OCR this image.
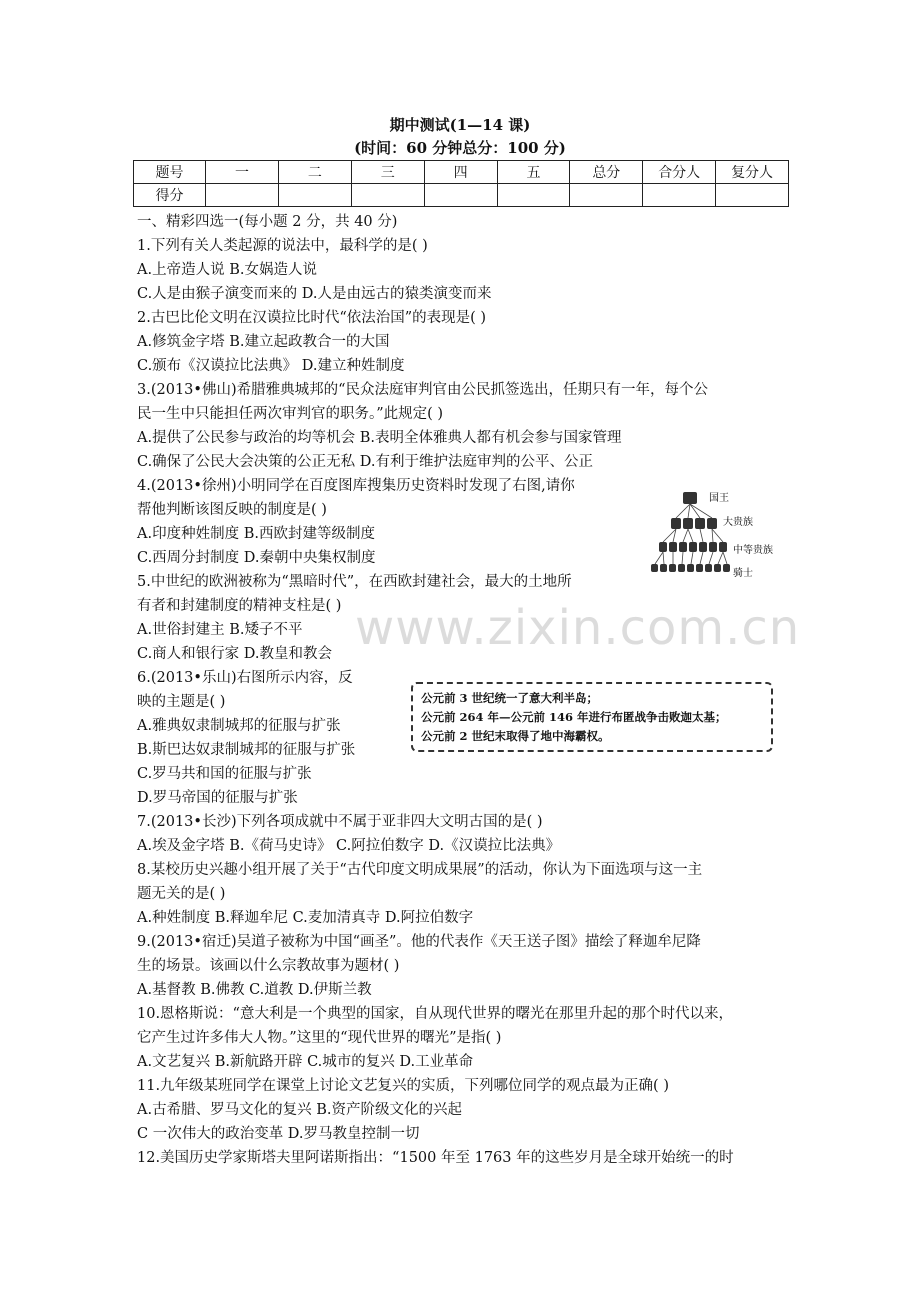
www.zixin.com.cn
期中测试(1—14 课)
(时间：60 分钟总分：100 分)
题号	一	二	三	四	五	总分	合分人	复分人
得分								
一、精彩四选一(每小题 2 分，共 40 分)
1.下列有关人类起源的说法中，最科学的是( )
A.上帝造人说 B.女娲造人说
C.人是由猴子演变而来的 D.人是由远古的猿类演变而来
2.古巴比伦文明在汉谟拉比时代“依法治国”的表现是( )
A.修筑金字塔 B.建立起政教合一的大国
C.颁布《汉谟拉比法典》 D.建立种姓制度
3.(2013•佛山)希腊雅典城邦的“民众法庭审判官由公民抓签选出，任期只有一年，每个公
民一生中只能担任两次审判官的职务。”此规定( )
A.提供了公民参与政治的均等机会 B.表明全体雅典人都有机会参与国家管理
C.确保了公民大会决策的公正无私 D.有利于维护法庭审判的公平、公正
4.(2013•徐州)小明同学在百度图库搜集历史资料时发现了右图,请你
帮他判断该图反映的制度是( )
A.印度种姓制度 B.西欧封建等级制度
C.西周分封制度 D.秦朝中央集权制度
5.中世纪的欧洲被称为“黑暗时代”，在西欧封建社会，最大的土地所
有者和封建制度的精神支柱是( )
A.世俗封建主 B.矮子不平
C.商人和银行家 D.教皇和教会
6.(2013•乐山)右图所示内容，反
映的主题是( )
A.雅典奴隶制城邦的征服与扩张
B.斯巴达奴隶制城邦的征服与扩张
C.罗马共和国的征服与扩张
D.罗马帝国的征服与扩张
7.(2013•长沙)下列各项成就中不属于亚非四大文明古国的是( )
A.埃及金字塔 B.《荷马史诗》 C.阿拉伯数字 D.《汉谟拉比法典》
8.某校历史兴趣小组开展了关于“古代印度文明成果展”的活动，你认为下面选项与这一主
题无关的是( )
A.种姓制度 B.释迦牟尼 C.麦加清真寺 D.阿拉伯数字
9.(2013•宿迁)吴道子被称为中国“画圣”。他的代表作《天王送子图》描绘了释迦牟尼降
生的场景。该画以什么宗教故事为题材( )
A.基督教 B.佛教 C.道教 D.伊斯兰教
10.恩格斯说：“意大利是一个典型的国家，自从现代世界的曙光在那里升起的那个时代以来，
它产生过许多伟大人物。”这里的“现代世界的曙光”是指( )
A.文艺复兴 B.新航路开辟 C.城市的复兴 D.工业革命
11.九年级某班同学在课堂上讨论文艺复兴的实质，下列哪位同学的观点最为正确( )
A.古希腊、罗马文化的复兴 B.资产阶级文化的兴起
C 一次伟大的政治变革 D.罗马教皇控制一切
12.美国历史学家斯塔夫里阿诺斯指出：“1500 年至 1763 年的这些岁月是全球开始统一的时
国王
大贵族
中等贵族
骑士
公元前 3 世纪统一了意大利半岛；
公元前 264 年—公元前 146 年进行布匿战争击败迦太基；
公元前 2 世纪末取得了地中海霸权。
